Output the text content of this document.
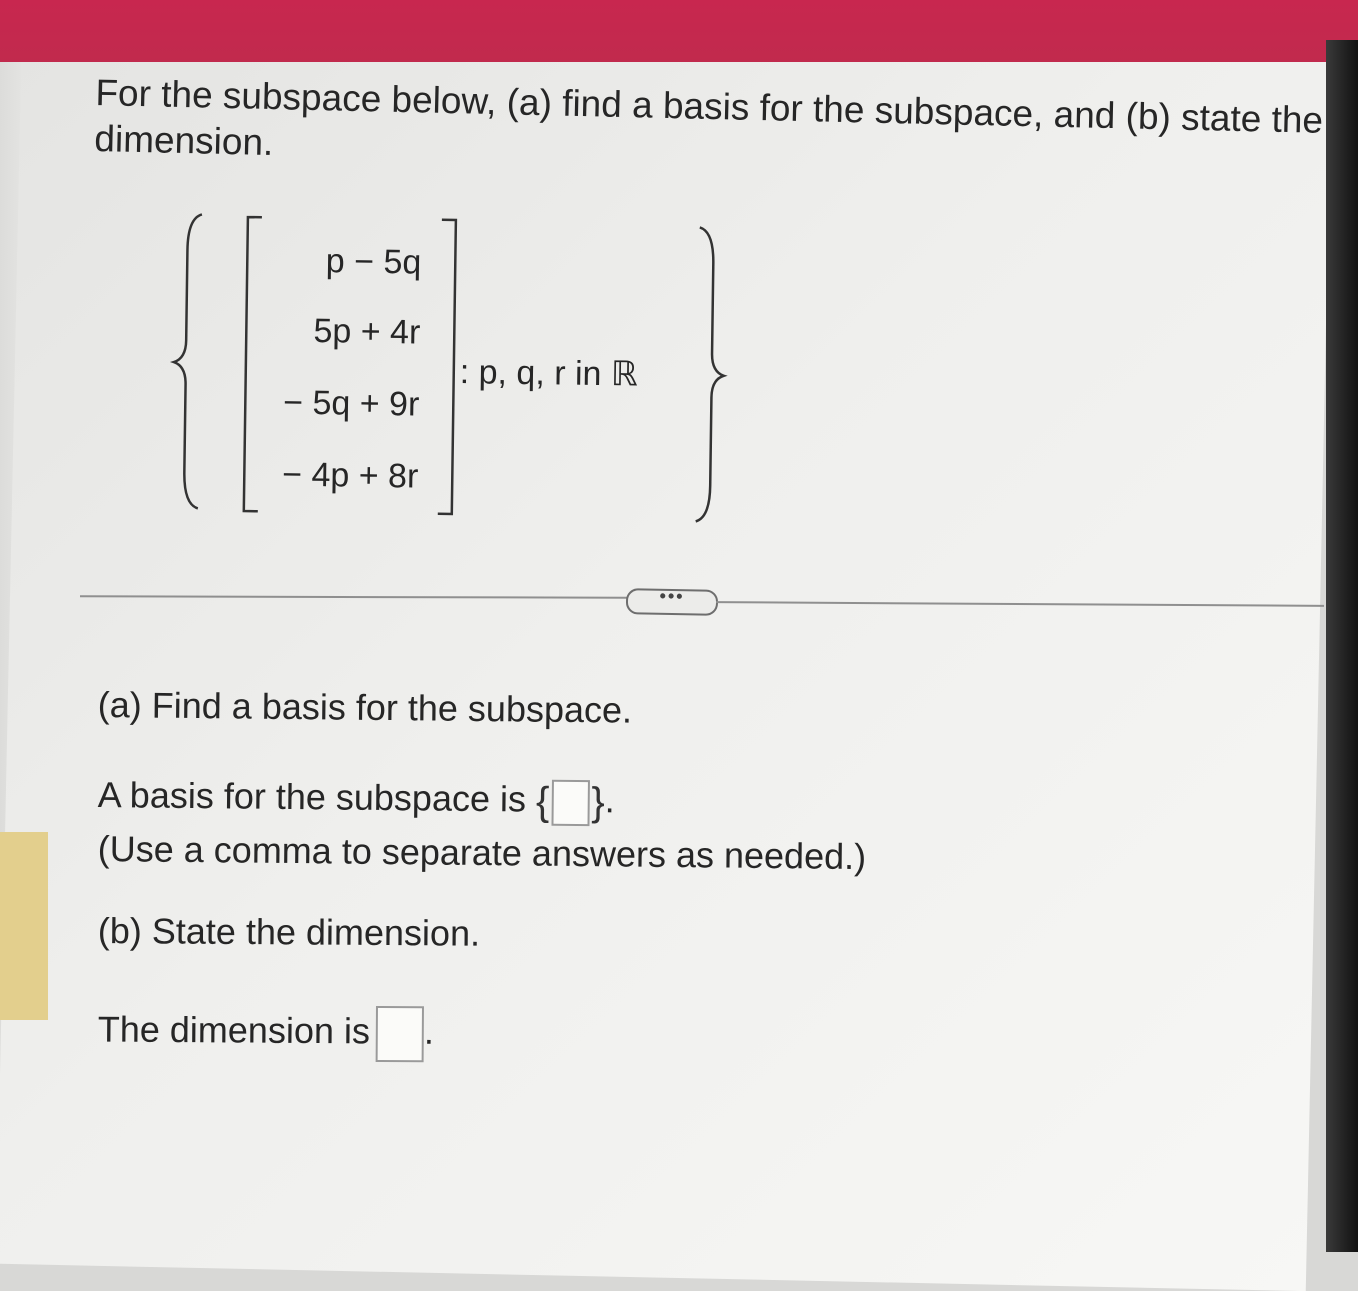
For the subspace below, (a) find a basis for the subspace, and (b) state the dimension.
p − 5q
5p + 4r
− 5q + 9r
− 4p + 8r
: p, q, r in ℝ
•••
(a) Find a basis for the subspace.
A basis for the subspace is { }.
(Use a comma to separate answers as needed.)
(b) State the dimension.
The dimension is .
